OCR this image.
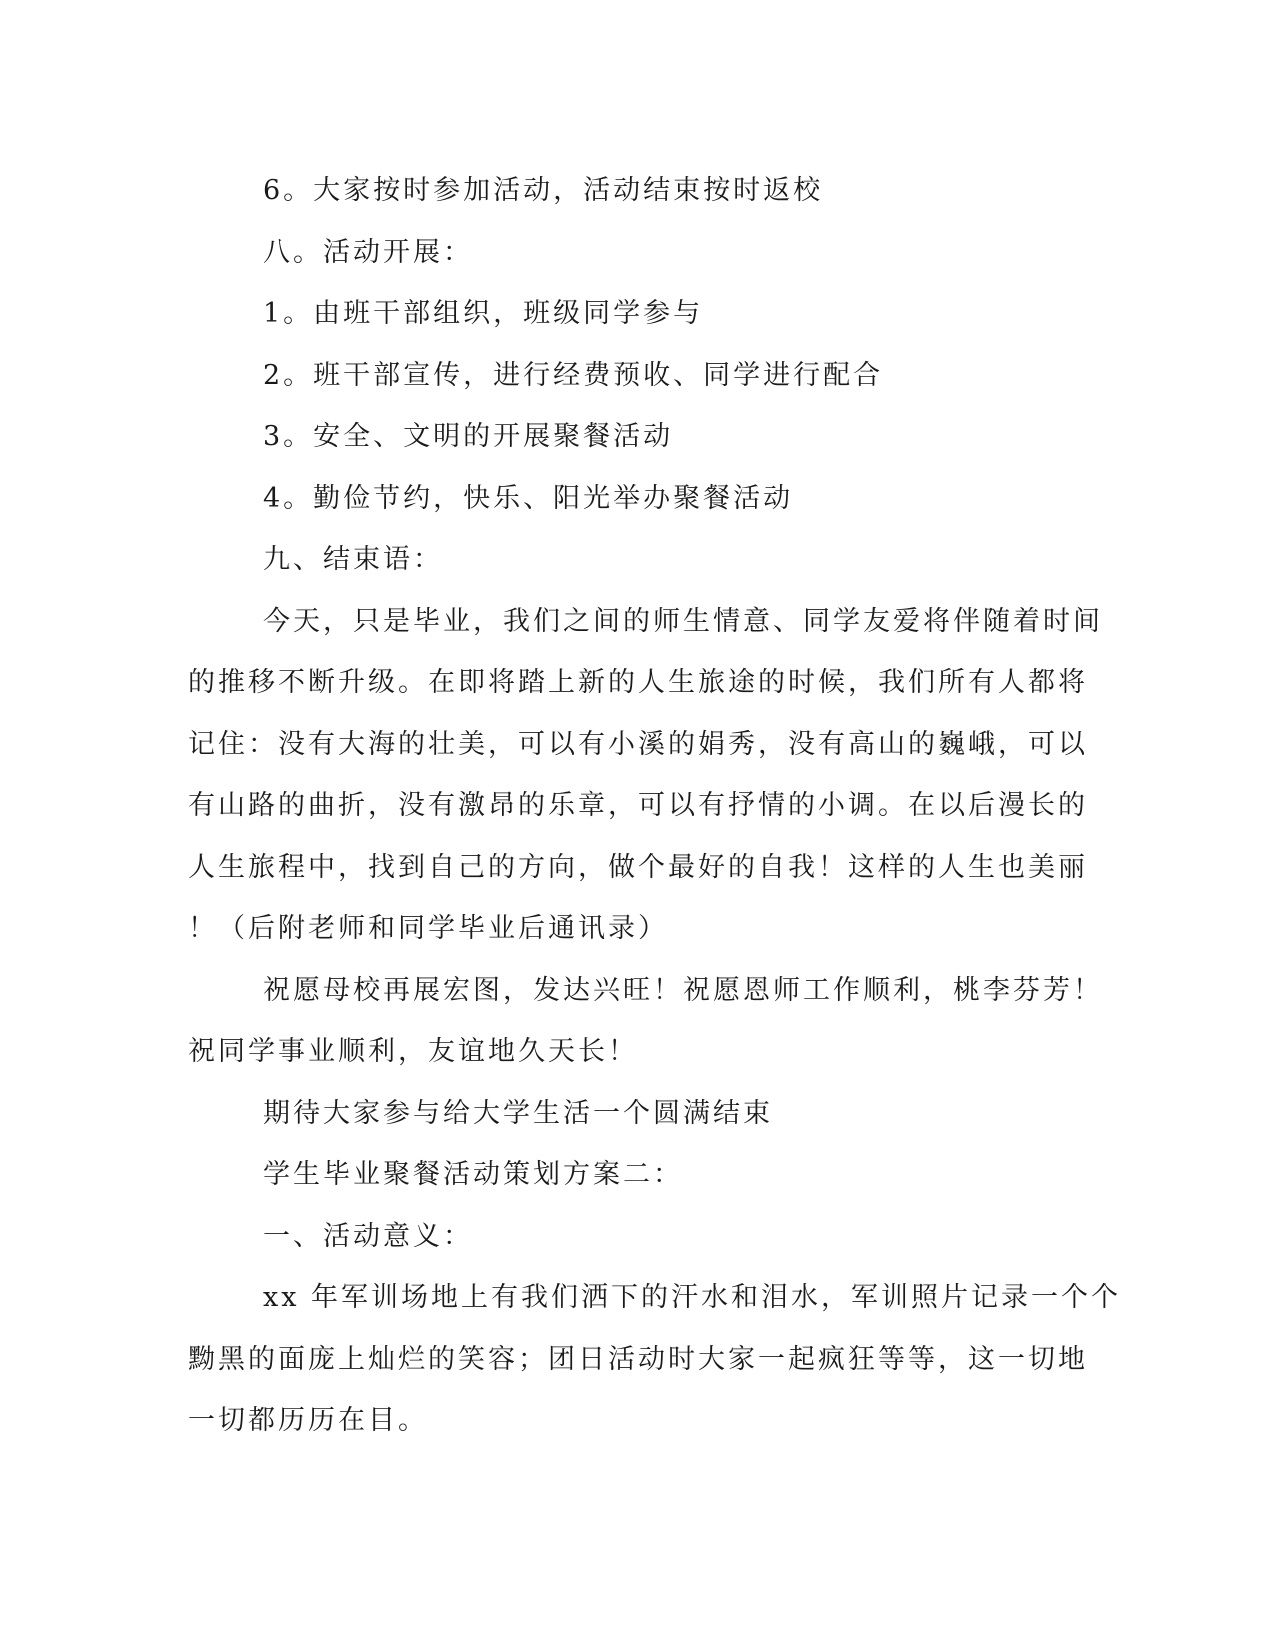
6。大家按时参加活动，活动结束按时返校
八。活动开展：
1。由班干部组织，班级同学参与
2。班干部宣传，进行经费预收、同学进行配合
3。安全、文明的开展聚餐活动
4。勤俭节约，快乐、阳光举办聚餐活动
九、结束语：
今天，只是毕业，我们之间的师生情意、同学友爱将伴随着时间
的推移不断升级。在即将踏上新的人生旅途的时候，我们所有人都将
记住：没有大海的壮美，可以有小溪的娟秀，没有高山的巍峨，可以
有山路的曲折，没有激昂的乐章，可以有抒情的小调。在以后漫长的
人生旅程中，找到自己的方向，做个最好的自我！这样的人生也美丽
！（后附老师和同学毕业后通讯录）
祝愿母校再展宏图，发达兴旺！祝愿恩师工作顺利，桃李芬芳！
祝同学事业顺利，友谊地久天长！
期待大家参与给大学生活一个圆满结束
学生毕业聚餐活动策划方案二：
一、活动意义：
xx 年军训场地上有我们洒下的汗水和泪水，军训照片记录一个个
黝黑的面庞上灿烂的笑容；团日活动时大家一起疯狂等等，这一切地
一切都历历在目。
